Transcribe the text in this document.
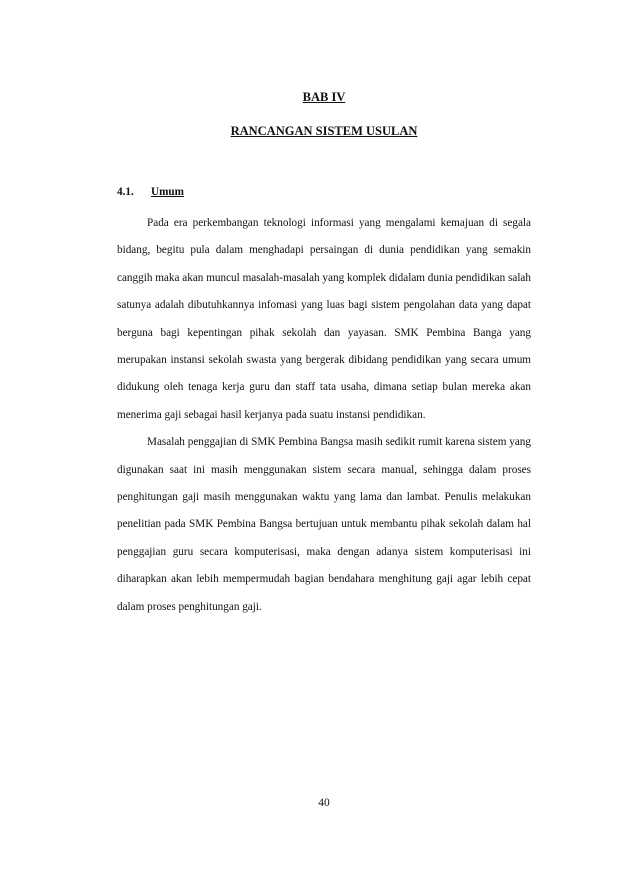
BAB IV
RANCANGAN SISTEM USULAN
4.1. Umum

Pada era perkembangan teknologi informasi yang mengalami kemajuan di segala bidang, begitu pula dalam menghadapi persaingan di dunia pendidikan yang semakin canggih maka akan muncul masalah-masalah yang komplek didalam dunia pendidikan salah satunya adalah dibutuhkannya infomasi yang luas bagi sistem pengolahan data yang dapat berguna bagi kepentingan pihak sekolah dan yayasan. SMK Pembina Banga yang merupakan instansi sekolah swasta yang bergerak dibidang pendidikan yang secara umum didukung oleh tenaga kerja guru dan staff tata usaha, dimana setiap bulan mereka akan menerima gaji sebagai hasil kerjanya pada suatu instansi pendidikan.

Masalah penggajian di SMK Pembina Bangsa masih sedikit rumit karena sistem yang digunakan saat ini masih menggunakan sistem secara manual, sehingga dalam proses penghitungan gaji masih menggunakan waktu yang lama dan lambat. Penulis melakukan penelitian pada SMK Pembina Bangsa bertujuan untuk membantu pihak sekolah dalam hal penggajian guru secara komputerisasi, maka dengan adanya sistem komputerisasi ini diharapkan akan lebih mempermudah bagian bendahara menghitung gaji agar lebih cepat dalam proses penghitungan gaji.

40
